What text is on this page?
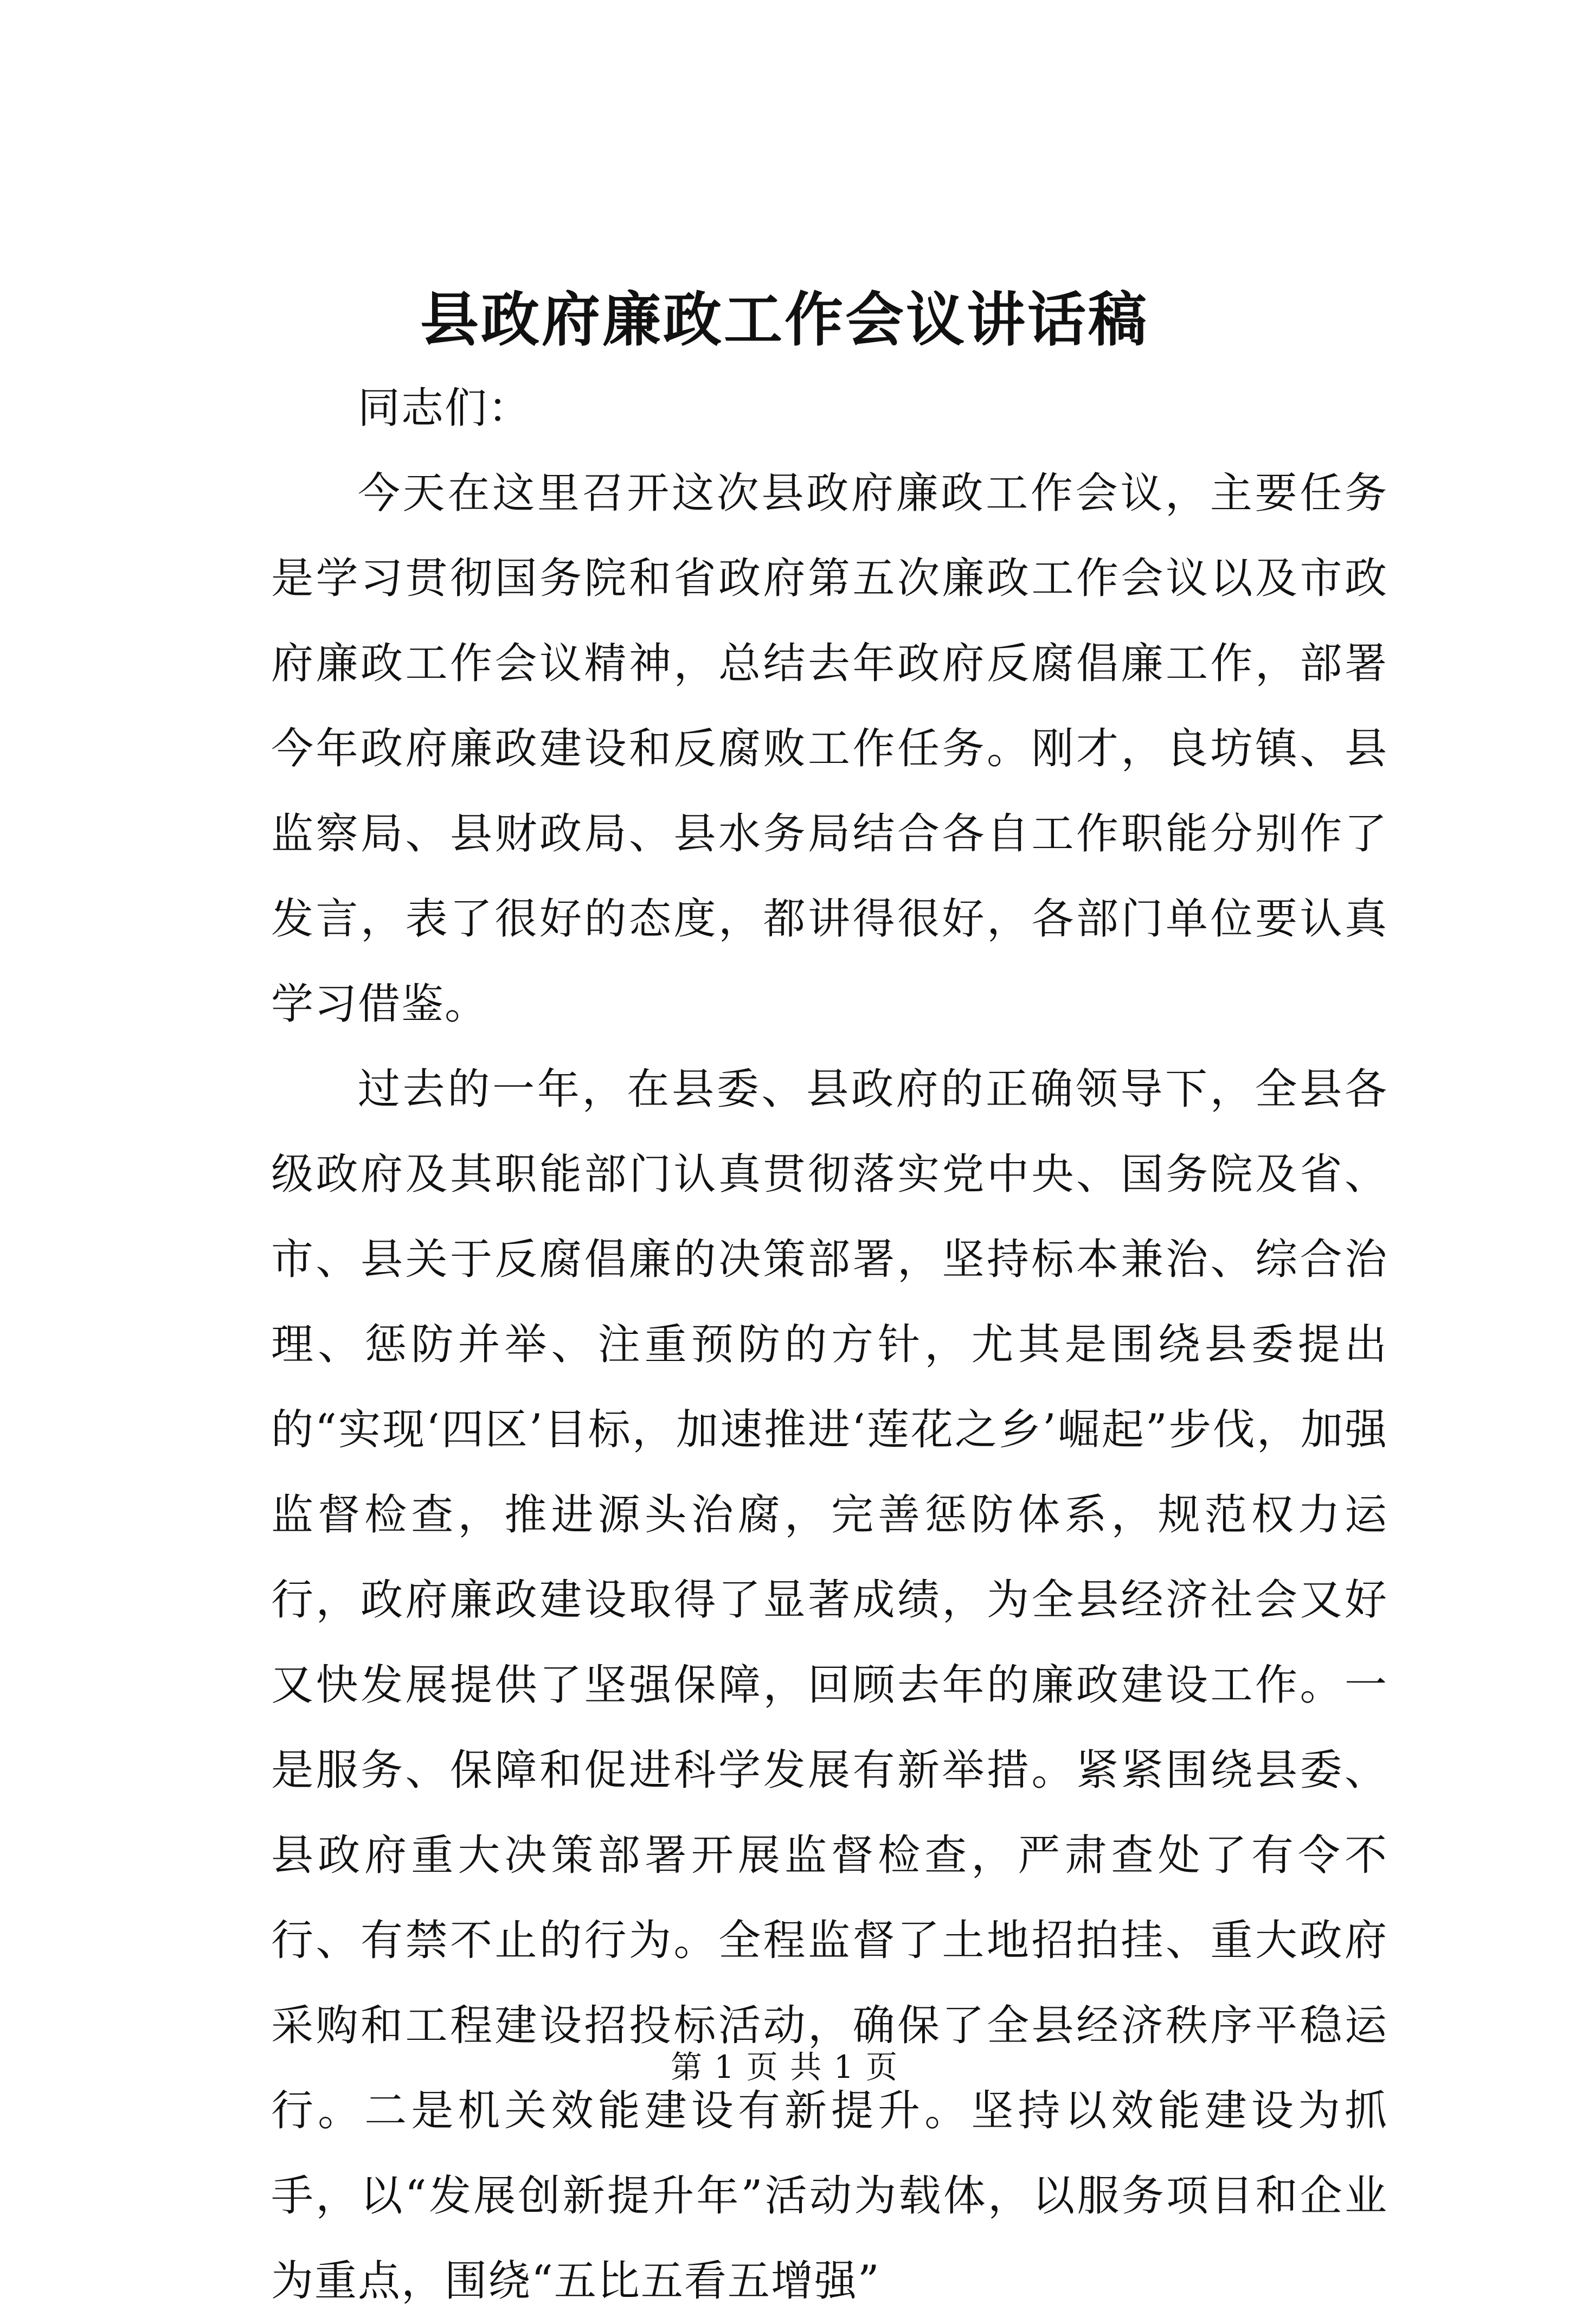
县政府廉政工作会议讲话稿

同志们：

今天在这里召开这次县政府廉政工作会议，主要任务是学习贯彻国务院和省政府第五次廉政工作会议以及市政府廉政工作会议精神，总结去年政府反腐倡廉工作，部署今年政府廉政建设和反腐败工作任务。刚才，良坊镇、县监察局、县财政局、县水务局结合各自工作职能分别作了发言，表了很好的态度，都讲得很好，各部门单位要认真学习借鉴。

过去的一年，在县委、县政府的正确领导下，全县各级政府及其职能部门认真贯彻落实党中央、国务院及省、市、县关于反腐倡廉的决策部署，坚持标本兼治、综合治理、惩防并举、注重预防的方针，尤其是围绕县委提出的“实现‘四区’目标，加速推进‘莲花之乡’崛起”步伐，加强监督检查，推进源头治腐，完善惩防体系，规范权力运行，政府廉政建设取得了显著成绩，为全县经济社会又好又快发展提供了坚强保障，回顾去年的廉政建设工作。一是服务、保障和促进科学发展有新举措。紧紧围绕县委、县政府重大决策部署开展监督检查，严肃查处了有令不行、有禁不止的行为。全程监督了土地招拍挂、重大政府采购和工程建设招投标活动，确保了全县经济秩序平稳运行。二是机关效能建设有新提升。坚持以效能建设为抓手，以“发展创新提升年”活动为载体，以服务项目和企业为重点，围绕“五比五看五增强”

第 1 页 共 1 页
